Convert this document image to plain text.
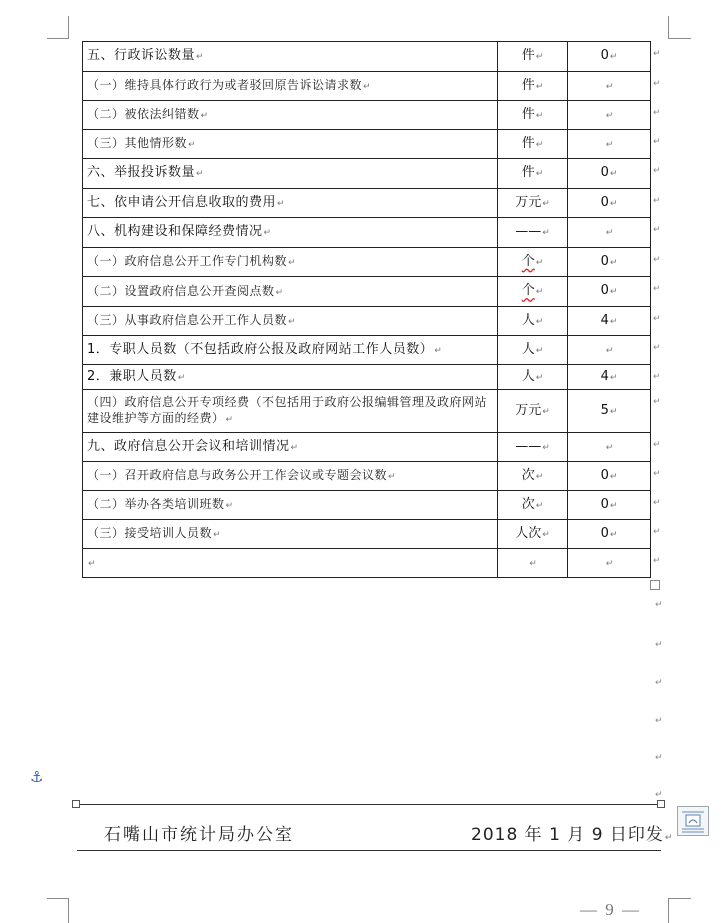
五、行政诉讼数量↵	件↵	0↵
（一）维持具体行政行为或者驳回原告诉讼请求数↵	件↵	↵
（二）被依法纠错数↵	件↵	↵
（三）其他情形数↵	件↵	↵
六、举报投诉数量↵	件↵	0↵
七、依申请公开信息收取的费用↵	万元↵	0↵
八、机构建设和保障经费情况↵	——↵	↵
（一）政府信息公开工作专门机构数↵	个↵	0↵
（二）设置政府信息公开查阅点数↵	个↵	0↵
（三）从事政府信息公开工作人员数↵	人↵	4↵
1．专职人员数（不包括政府公报及政府网站工作人员数）↵	人↵	↵
2．兼职人员数↵	人↵	4↵
（四）政府信息公开专项经费（不包括用于政府公报编辑管理及政府网站建设维护等方面的经费）↵	万元↵	5↵
九、政府信息公开会议和培训情况↵	——↵	↵
（一）召开政府信息与政务公开工作会议或专题会议数↵	次↵	0↵
（二）举办各类培训班数↵	次↵	0↵
（三）接受培训人员数↵	人次↵	0↵
↵	↵	↵
↵
↵
↵
↵
↵
↵
↵
↵
↵
↵
↵
↵
↵
↵
↵
↵
↵
↵
↵
↵
↵
↵
↵
↵
⚓
石嘴山市统计局办公室	2018 年 1 月 9 日印发↵
— 9 —
